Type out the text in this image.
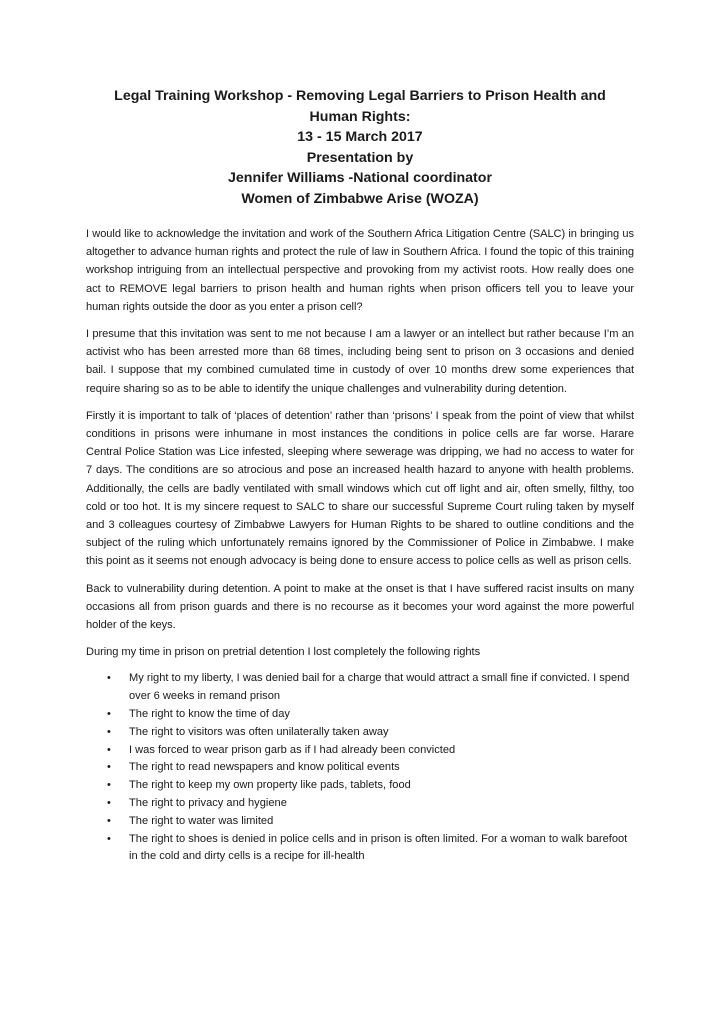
Legal Training Workshop - Removing Legal Barriers to Prison Health and
Human Rights:
13 - 15 March 2017
Presentation by
Jennifer Williams -National coordinator
Women of Zimbabwe Arise (WOZA)

I would like to acknowledge the invitation and work of the Southern Africa Litigation Centre (SALC) in bringing us altogether to advance human rights and protect the rule of law in Southern Africa. I found the topic of this training workshop intriguing from an intellectual perspective and provoking from my activist roots. How really does one act to REMOVE legal barriers to prison health and human rights when prison officers tell you to leave your human rights outside the door as you enter a prison cell?

I presume that this invitation was sent to me not because I am a lawyer or an intellect but rather because I’m an activist who has been arrested more than 68 times, including being sent to prison on 3 occasions and denied bail. I suppose that my combined cumulated time in custody of over 10 months drew some experiences that require sharing so as to be able to identify the unique challenges and vulnerability during detention.

Firstly it is important to talk of ‘places of detention’ rather than ‘prisons’ I speak from the point of view that whilst conditions in prisons were inhumane in most instances the conditions in police cells are far worse. Harare Central Police Station was Lice infested, sleeping where sewerage was dripping, we had no access to water for 7 days. The conditions are so atrocious and pose an increased health hazard to anyone with health problems. Additionally, the cells are badly ventilated with small windows which cut off light and air, often smelly, filthy, too cold or too hot. It is my sincere request to SALC to share our successful Supreme Court ruling taken by myself and 3 colleagues courtesy of Zimbabwe Lawyers for Human Rights to be shared to outline conditions and the subject of the ruling which unfortunately remains ignored by the Commissioner of Police in Zimbabwe. I make this point as it seems not enough advocacy is being done to ensure access to police cells as well as prison cells.

Back to vulnerability during detention. A point to make at the onset is that I have suffered racist insults on many occasions all from prison guards and there is no recourse as it becomes your word against the more powerful holder of the keys.

During my time in prison on pretrial detention I lost completely the following rights

• My right to my liberty, I was denied bail for a charge that would attract a small fine if convicted. I spend over 6 weeks in remand prison
• The right to know the time of day
• The right to visitors was often unilaterally taken away
• I was forced to wear prison garb as if I had already been convicted
• The right to read newspapers and know political events
• The right to keep my own property like pads, tablets, food
• The right to privacy and hygiene
• The right to water was limited
• The right to shoes is denied in police cells and in prison is often limited. For a woman to walk barefoot in the cold and dirty cells is a recipe for ill-health
